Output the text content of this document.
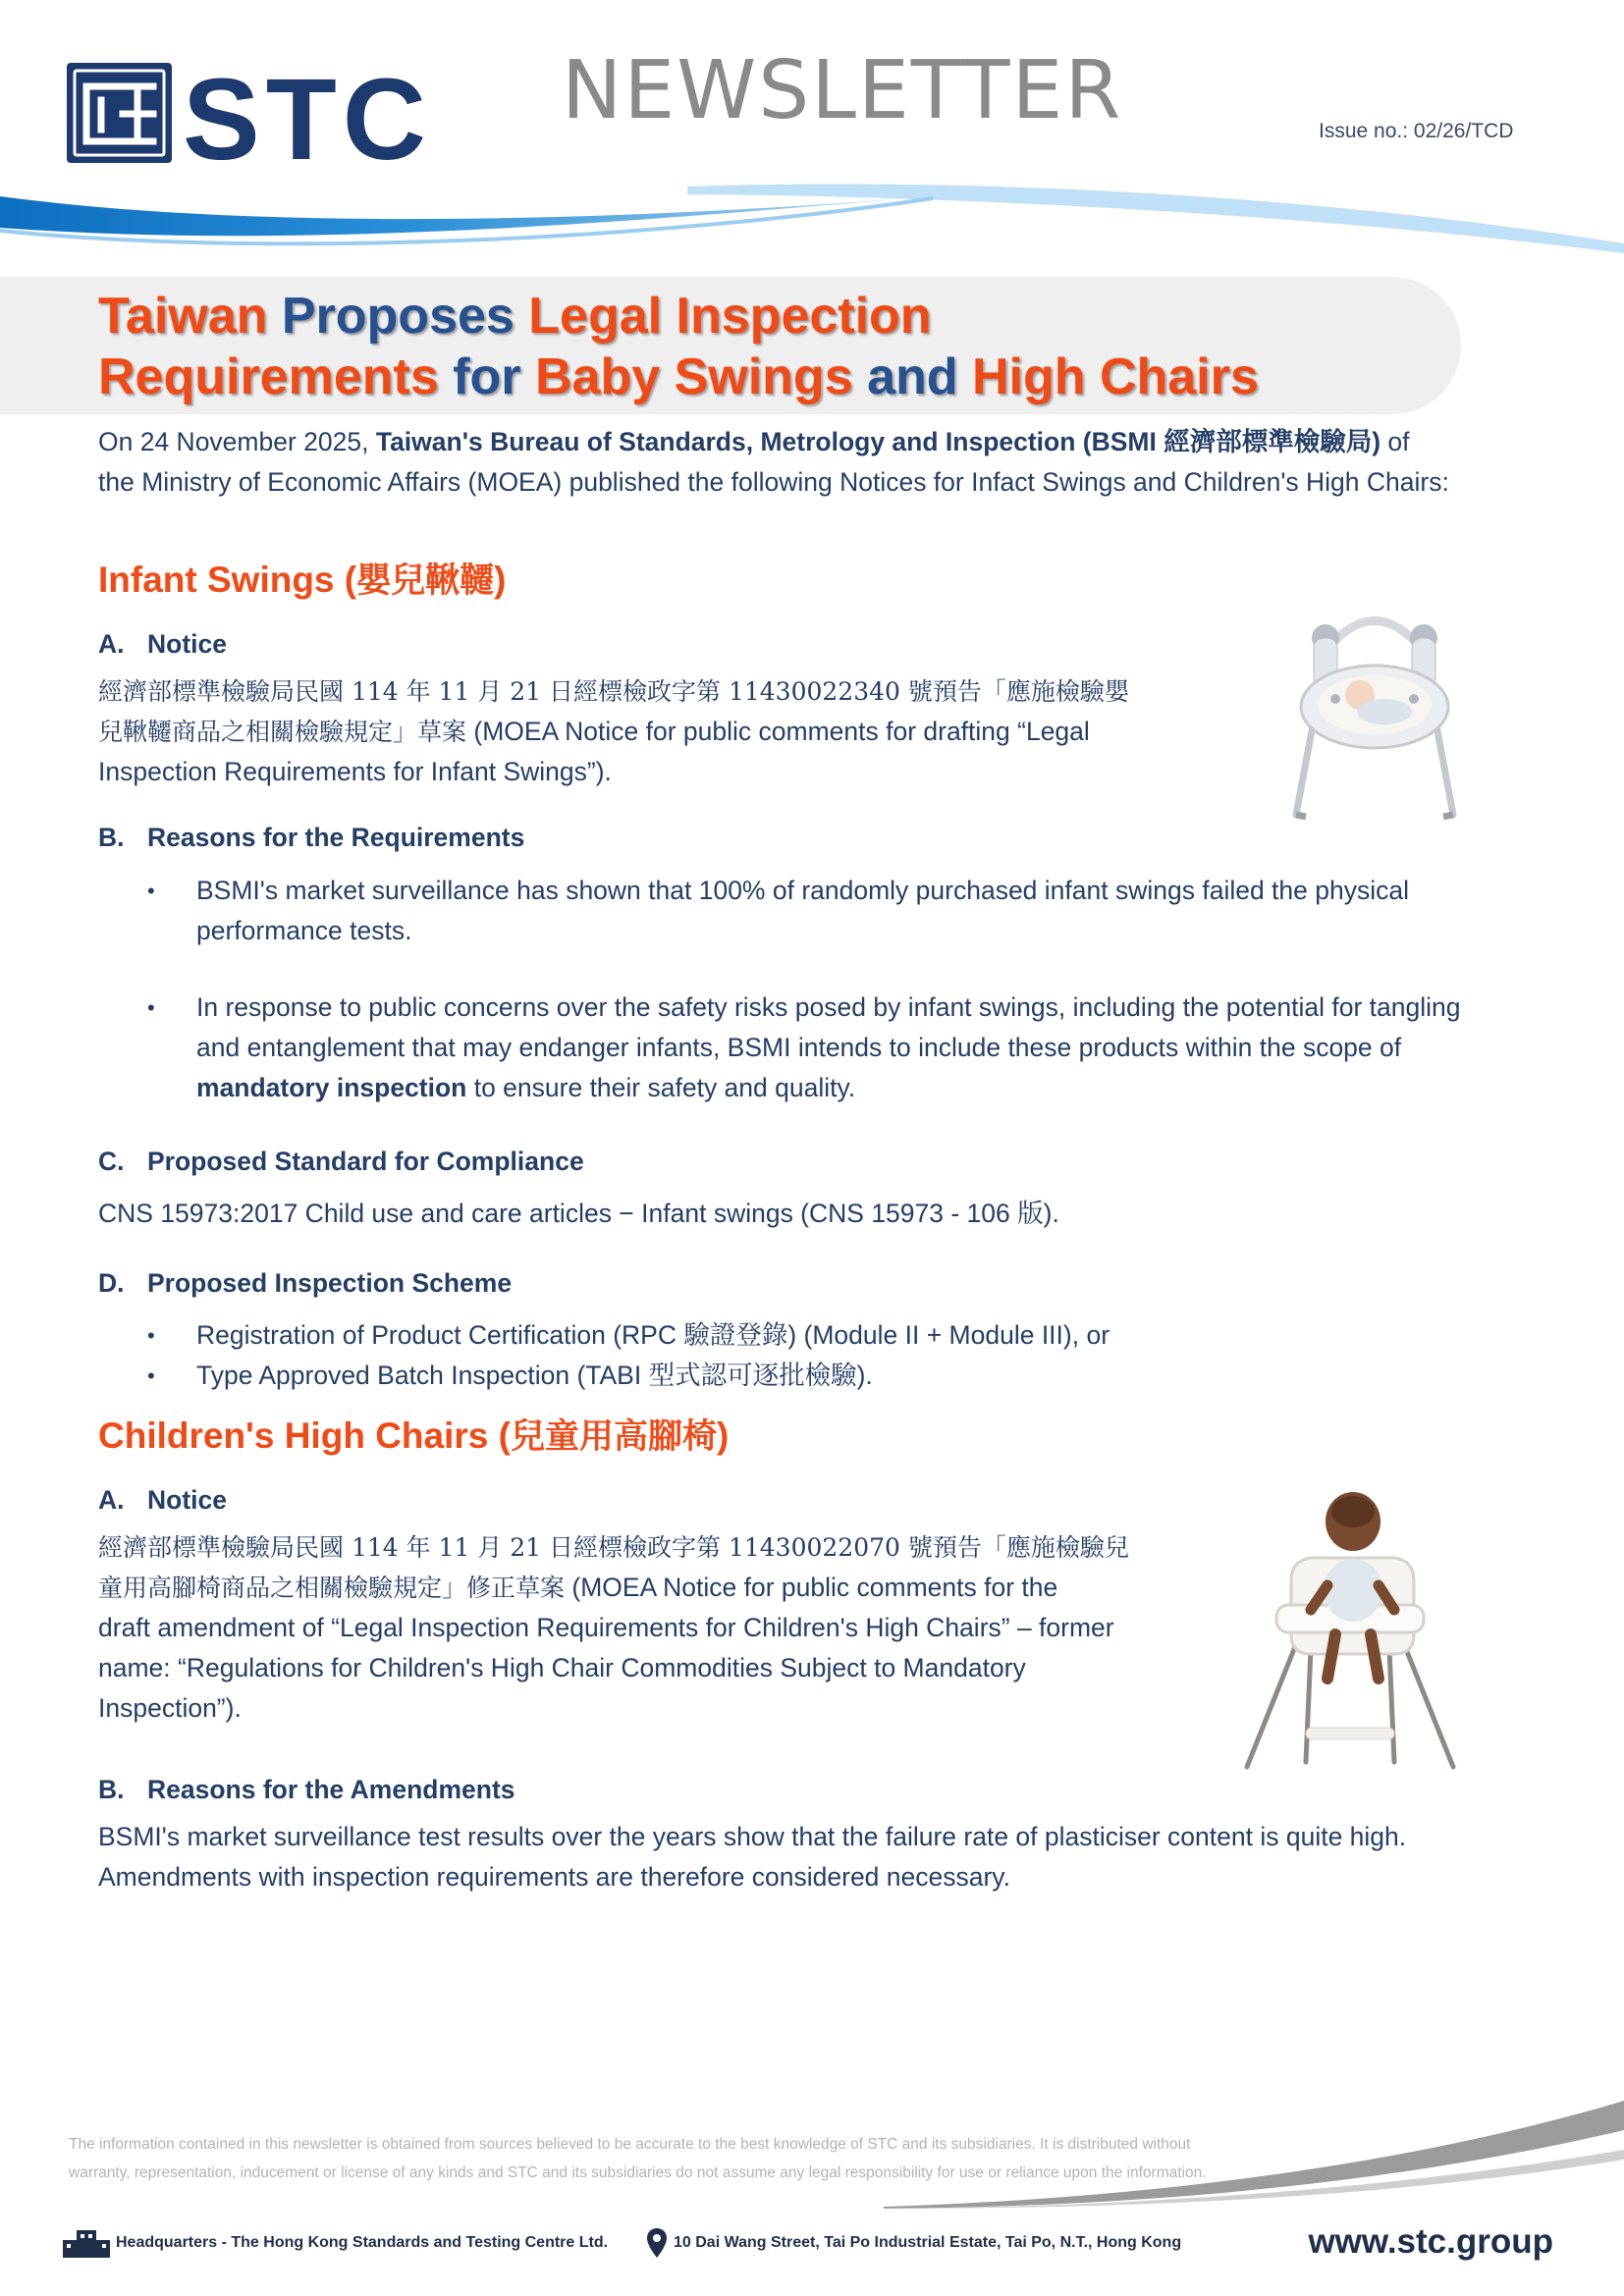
STC NEWSLETTER	Issue no.: 02/26/TCD
Taiwan Proposes Legal Inspection
Requirements for Baby Swings and High Chairs
On 24 November 2025, Taiwan's Bureau of Standards, Metrology and Inspection (BSMI 經濟部標準檢驗局) of
the Ministry of Economic Affairs (MOEA) published the following Notices for Infact Swings and Children's High Chairs:
Infant Swings (嬰兒鞦韆)
A. Notice
經濟部標準檢驗局民國 114 年 11 月 21 日經標檢政字第 11430022340 號預告「應施檢驗嬰
兒鞦韆商品之相關檢驗規定」草案 (MOEA Notice for public comments for drafting “Legal
Inspection Requirements for Infant Swings”).
B. Reasons for the Requirements
•	BSMI's market surveillance has shown that 100% of randomly purchased infant swings failed the physical
performance tests.
•	In response to public concerns over the safety risks posed by infant swings, including the potential for tangling
and entanglement that may endanger infants, BSMI intends to include these products within the scope of
mandatory inspection to ensure their safety and quality.
C. Proposed Standard for Compliance
CNS 15973:2017 Child use and care articles − Infant swings (CNS 15973 - 106 版).
D. Proposed Inspection Scheme
•	Registration of Product Certification (RPC 驗證登錄) (Module II + Module III), or
•	Type Approved Batch Inspection (TABI 型式認可逐批檢驗).
Children's High Chairs (兒童用高腳椅)
A. Notice
經濟部標準檢驗局民國 114 年 11 月 21 日經標檢政字第 11430022070 號預告「應施檢驗兒
童用高腳椅商品之相關檢驗規定」修正草案 (MOEA Notice for public comments for the
draft amendment of “Legal Inspection Requirements for Children's High Chairs” – former
name: “Regulations for Children's High Chair Commodities Subject to Mandatory
Inspection”).
B. Reasons for the Amendments
BSMI's market surveillance test results over the years show that the failure rate of plasticiser content is quite high.
Amendments with inspection requirements are therefore considered necessary.
The information contained in this newsletter is obtained from sources believed to be accurate to the best knowledge of STC and its subsidiaries. It is distributed without
warranty, representation, inducement or license of any kinds and STC and its subsidiaries do not assume any legal responsibility for use or reliance upon the information.
Headquarters - The Hong Kong Standards and Testing Centre Ltd.	10 Dai Wang Street, Tai Po Industrial Estate, Tai Po, N.T., Hong Kong	www.stc.group
